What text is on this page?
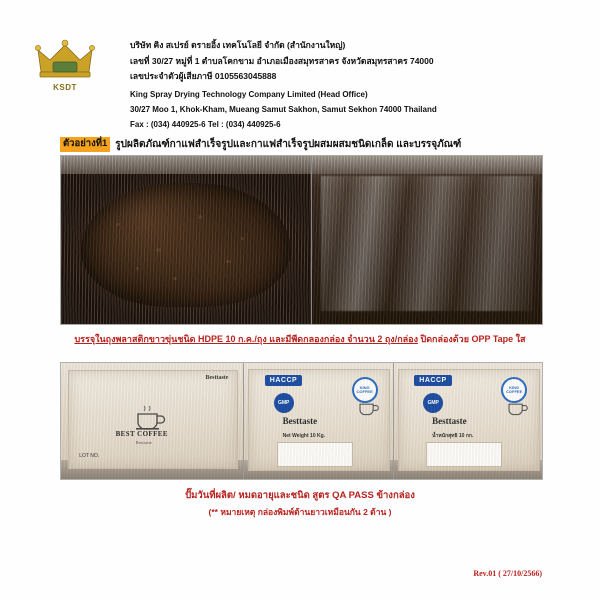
KSDT
บริษัท คิง สเปรย์ ดรายอิ้ง เทคโนโลยี จำกัด (สำนักงานใหญ่)
เลขที่ 30/27 หมู่ที่ 1 ตำบลโคกขาม อำเภอเมืองสมุทรสาคร จังหวัดสมุทรสาคร 74000
เลขประจำตัวผู้เสียภาษี 0105563045888
King Spray Drying Technology Company Limited (Head Office)
30/27 Moo 1, Khok-Kham, Mueang Samut Sakhon, Samut Sekhon 74000 Thailand
Fax : (034) 440925-6 Tel : (034) 440925-6
ตัวอย่างที่1 รูปผลิตภัณฑ์กาแฟสำเร็จรูปและกาแฟสำเร็จรูปผสมผสมชนิดเกล็ด และบรรจุภัณฑ์
บรรจุในถุงพลาสติกขาวขุ่นชนิด HDPE 10 ก.ค./ถุง และมีพีดกลองกล่อง จำนวน 2 ถุง/กล่อง ปิดกล่องด้วย OPP Tape ใส
Besttaste
BEST COFFEE
Besttaste
LOT NO.
HACCP
GMP
KING
COFFEE
Besttaste
Net Weight 10 Kg.
HACCP
GMP
KING
COFFEE
Besttaste
น้ำหนักสุทธิ 10 กก.
ปั๊มวันที่ผลิต/ หมดอายุและชนิด สูตร QA PASS ข้างกล่อง
(** หมายเหตุ กล่องพิมพ์ด้านยาวเหมือนกัน 2 ด้าน )
Rev.01 ( 27/10/2566)
